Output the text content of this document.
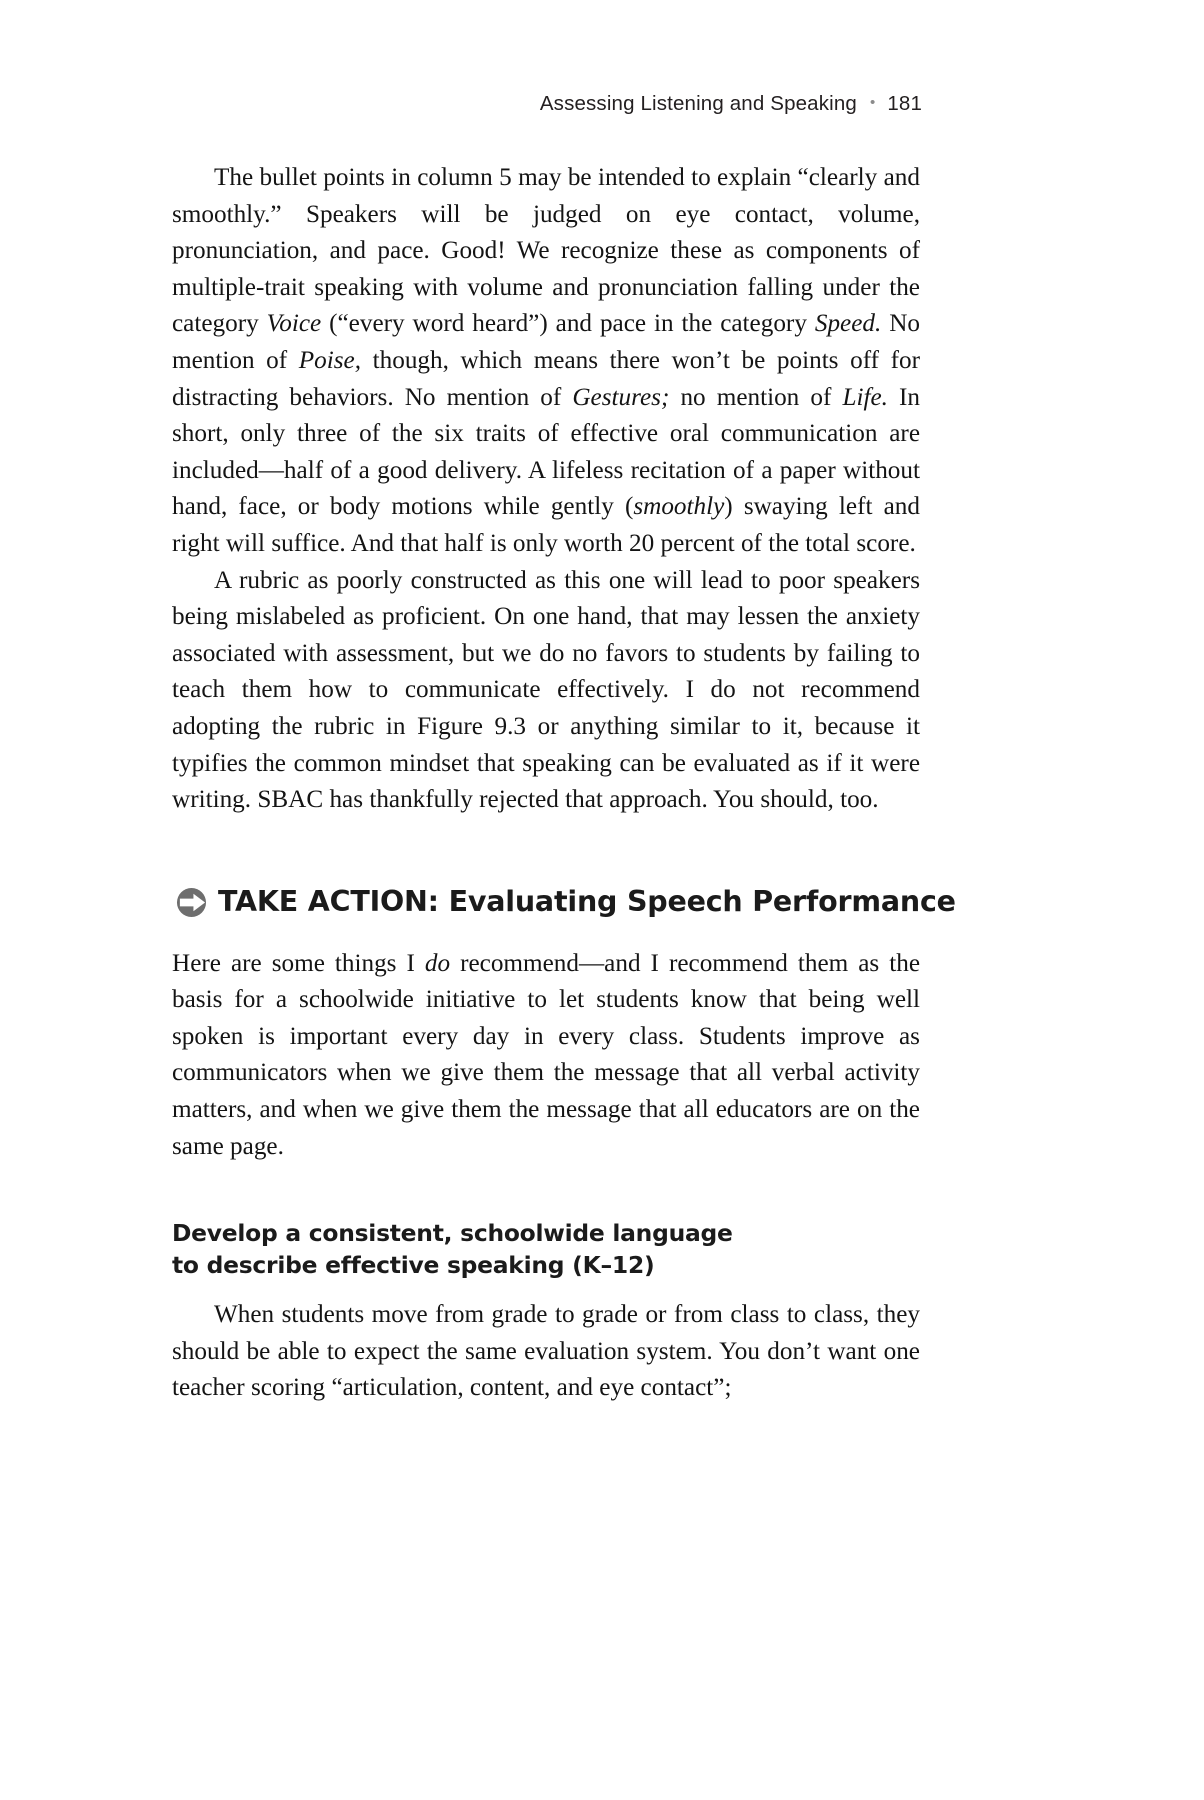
Assessing Listening and Speaking • 181

The bullet points in column 5 may be intended to explain “clearly and smoothly.” Speakers will be judged on eye contact, volume, pronunciation, and pace. Good! We recognize these as components of multiple-trait speaking with volume and pronunciation falling under the category Voice (“every word heard”) and pace in the category Speed. No mention of Poise, though, which means there won’t be points off for distracting behaviors. No mention of Gestures; no mention of Life. In short, only three of the six traits of effective oral communication are included—half of a good delivery. A lifeless recitation of a paper without hand, face, or body motions while gently (smoothly) swaying left and right will suffice. And that half is only worth 20 percent of the total score.

A rubric as poorly constructed as this one will lead to poor speakers being mislabeled as proficient. On one hand, that may lessen the anxiety associated with assessment, but we do no favors to students by failing to teach them how to communicate effectively. I do not recommend adopting the rubric in Figure 9.3 or anything similar to it, because it typifies the common mindset that speaking can be evaluated as if it were writing. SBAC has thankfully rejected that approach. You should, too.

TAKE ACTION: Evaluating Speech Performance

Here are some things I do recommend—and I recommend them as the basis for a schoolwide initiative to let students know that being well spoken is important every day in every class. Students improve as communicators when we give them the message that all verbal activity matters, and when we give them the message that all educators are on the same page.

Develop a consistent, schoolwide language

to describe effective speaking (K–12)

When students move from grade to grade or from class to class, they should be able to expect the same evaluation system. You don’t want one teacher scoring “articulation, content, and eye contact”;
